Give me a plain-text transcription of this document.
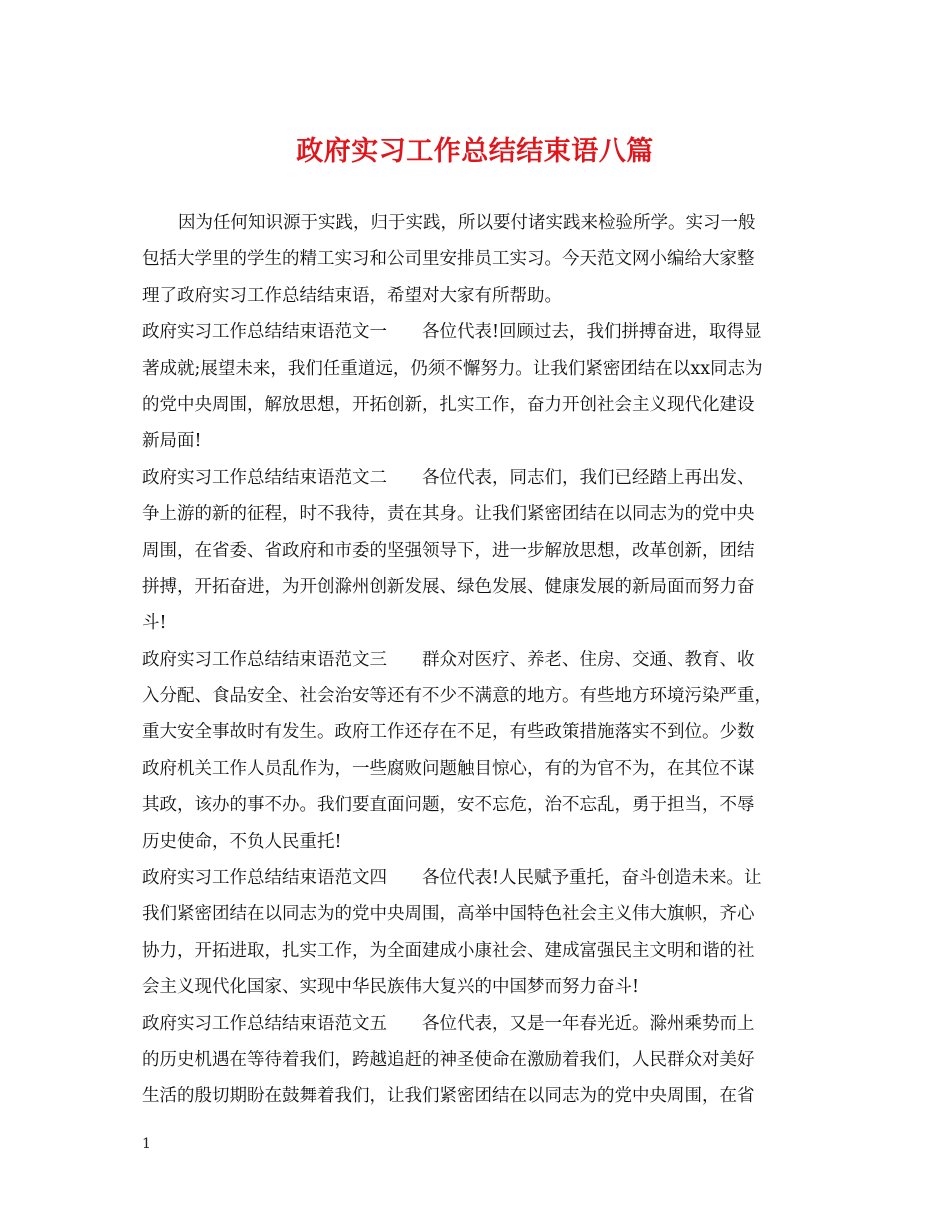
政府实习工作总结结束语八篇
因为任何知识源于实践，归于实践，所以要付诸实践来检验所学。实习一般
包括大学里的学生的精工实习和公司里安排员工实习。今天范文网小编给大家整
理了政府实习工作总结结束语，希望对大家有所帮助。
政府实习工作总结结束语范文一　　各位代表!回顾过去，我们拼搏奋进，取得显
著成就;展望未来，我们任重道远，仍须不懈努力。让我们紧密团结在以xx同志为
的党中央周围，解放思想，开拓创新，扎实工作，奋力开创社会主义现代化建设
新局面!
政府实习工作总结结束语范文二　　各位代表，同志们，我们已经踏上再出发、
争上游的新的征程，时不我待，责在其身。让我们紧密团结在以同志为的党中央
周围，在省委、省政府和市委的坚强领导下，进一步解放思想，改革创新，团结
拼搏，开拓奋进，为开创滁州创新发展、绿色发展、健康发展的新局面而努力奋
斗!
政府实习工作总结结束语范文三　　群众对医疗、养老、住房、交通、教育、收
入分配、食品安全、社会治安等还有不少不满意的地方。有些地方环境污染严重，
重大安全事故时有发生。政府工作还存在不足，有些政策措施落实不到位。少数
政府机关工作人员乱作为，一些腐败问题触目惊心，有的为官不为，在其位不谋
其政，该办的事不办。我们要直面问题，安不忘危，治不忘乱，勇于担当，不辱
历史使命，不负人民重托!
政府实习工作总结结束语范文四　　各位代表!人民赋予重托，奋斗创造未来。让
我们紧密团结在以同志为的党中央周围，高举中国特色社会主义伟大旗帜，齐心
协力，开拓进取，扎实工作，为全面建成小康社会、建成富强民主文明和谐的社
会主义现代化国家、实现中华民族伟大复兴的中国梦而努力奋斗!
政府实习工作总结结束语范文五　　各位代表，又是一年春光近。滁州乘势而上
的历史机遇在等待着我们，跨越追赶的神圣使命在激励着我们，人民群众对美好
生活的殷切期盼在鼓舞着我们，让我们紧密团结在以同志为的党中央周围，在省
1
